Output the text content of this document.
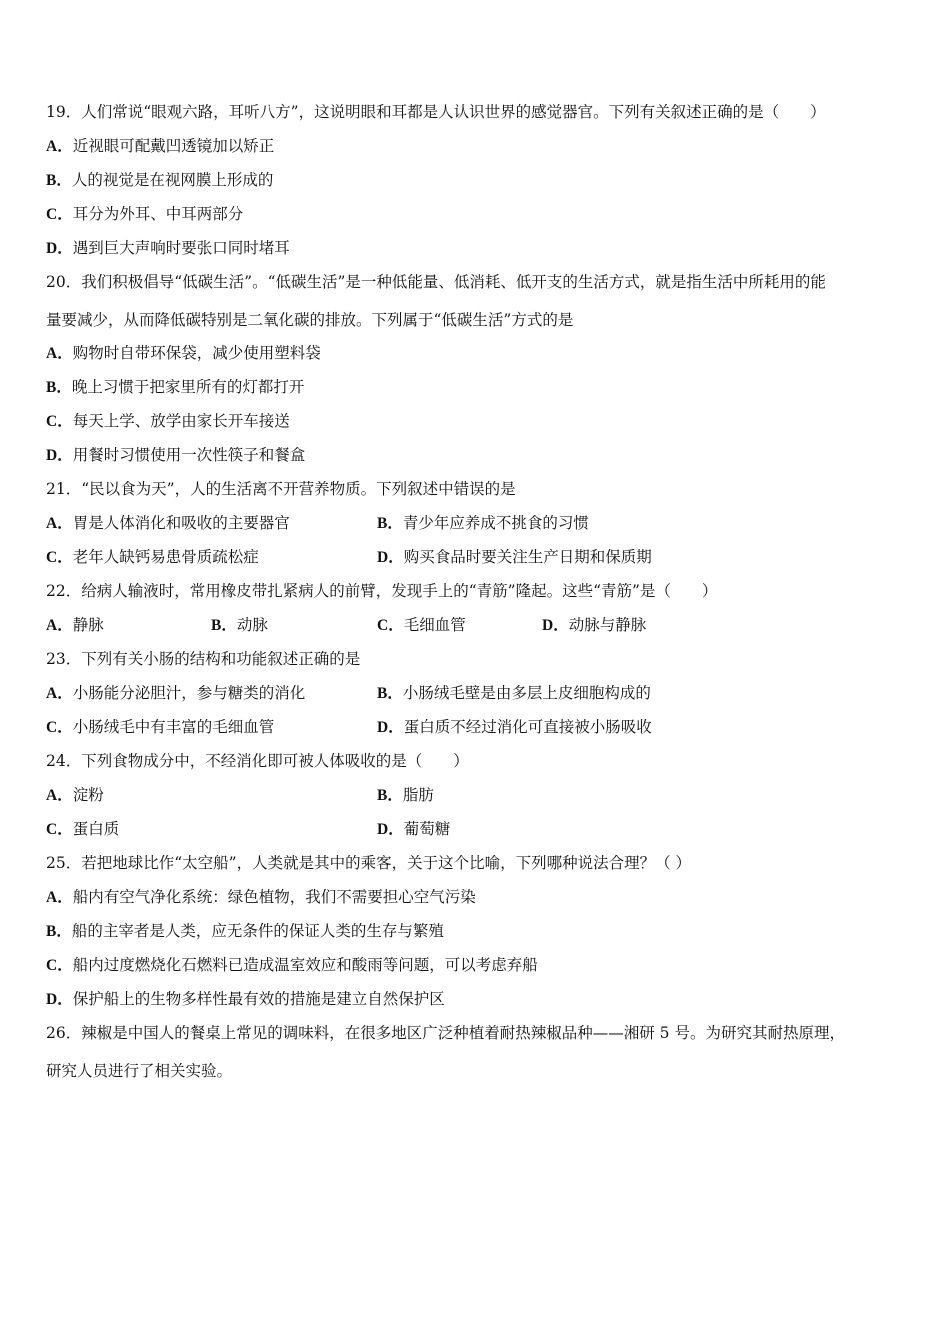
19．人们常说“眼观六路，耳听八方”，这说明眼和耳都是人认识世界的感觉器官。下列有关叙述正确的是（　　）
A．近视眼可配戴凹透镜加以矫正
B．人的视觉是在视网膜上形成的
C．耳分为外耳、中耳两部分
D．遇到巨大声响时要张口同时堵耳
20．我们积极倡导“低碳生活”。“低碳生活”是一种低能量、低消耗、低开支的生活方式，就是指生活中所耗用的能
量要减少，从而降低碳特别是二氧化碳的排放。下列属于“低碳生活”方式的是
A．购物时自带环保袋，减少使用塑料袋
B．晚上习惯于把家里所有的灯都打开
C．每天上学、放学由家长开车接送
D．用餐时习惯使用一次性筷子和餐盒
21．“民以食为天”，人的生活离不开营养物质。下列叙述中错误的是
A．胃是人体消化和吸收的主要器官	B．青少年应养成不挑食的习惯
C．老年人缺钙易患骨质疏松症	D．购买食品时要关注生产日期和保质期
22．给病人输液时，常用橡皮带扎紧病人的前臂，发现手上的“青筋”隆起。这些“青筋”是（　　）
A．静脉	B．动脉	C．毛细血管	D．动脉与静脉
23．下列有关小肠的结构和功能叙述正确的是
A．小肠能分泌胆汁，参与糖类的消化	B．小肠绒毛壁是由多层上皮细胞构成的
C．小肠绒毛中有丰富的毛细血管	D．蛋白质不经过消化可直接被小肠吸收
24．下列食物成分中，不经消化即可被人体吸收的是（　　）
A．淀粉	B．脂肪
C．蛋白质	D．葡萄糖
25．若把地球比作“太空船”，人类就是其中的乘客，关于这个比喻，下列哪种说法合理？（ ）
A．船内有空气净化系统：绿色植物，我们不需要担心空气污染
B．船的主宰者是人类，应无条件的保证人类的生存与繁殖
C．船内过度燃烧化石燃料已造成温室效应和酸雨等问题，可以考虑弃船
D．保护船上的生物多样性最有效的措施是建立自然保护区
26．辣椒是中国人的餐桌上常见的调味料，在很多地区广泛种植着耐热辣椒品种——湘研 5 号。为研究其耐热原理，
研究人员进行了相关实验。
